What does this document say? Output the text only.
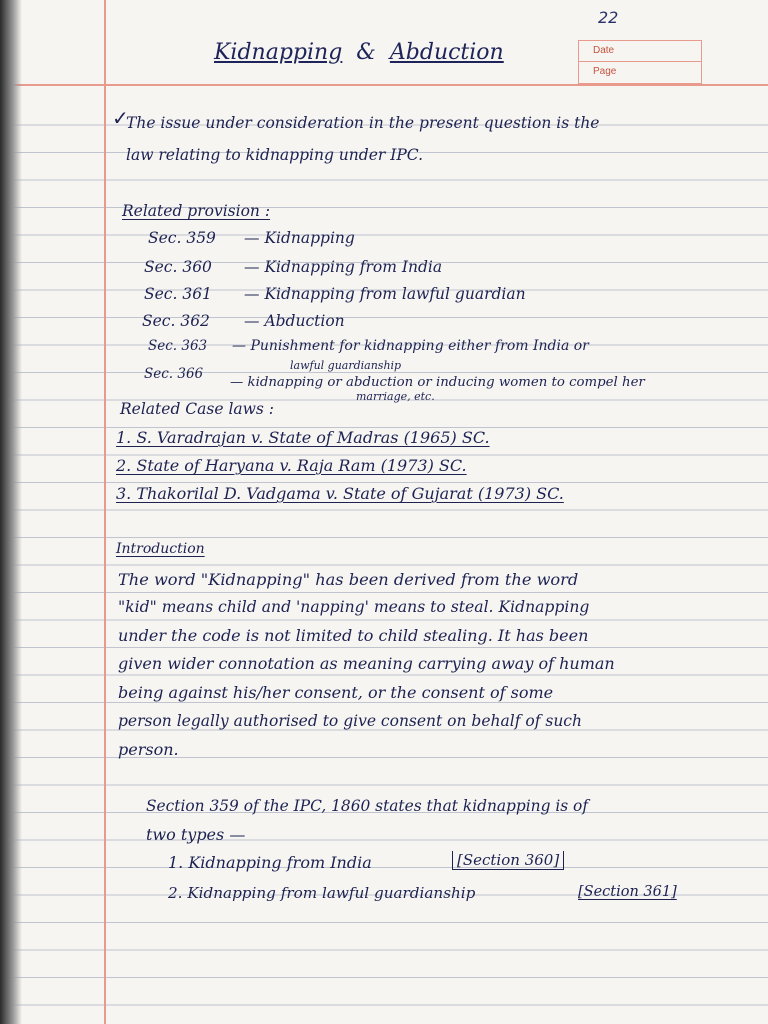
22
Kidnapping & Abduction	Date
Page
✓
The issue under consideration in the present question is the
law relating to kidnapping under IPC.
Related provision :
Sec. 359 — Kidnapping
Sec. 360 — Kidnapping from India
Sec. 361 — Kidnapping from lawful guardian
Sec. 362 — Abduction
Sec. 363 — Punishment for kidnapping either from India or
lawful guardianship
Sec. 366
— kidnapping or abduction or inducing women to compel her
marriage, etc.
Related Case laws :
1. S. Varadrajan v. State of Madras (1965) SC.
2. State of Haryana v. Raja Ram (1973) SC.
3. Thakorilal D. Vadgama v. State of Gujarat (1973) SC.
Introduction
The word "Kidnapping" has been derived from the word
"kid" means child and 'napping' means to steal. Kidnapping
under the code is not limited to child stealing. It has been
given wider connotation as meaning carrying away of human
being against his/her consent, or the consent of some
person legally authorised to give consent on behalf of such
person.
Section 359 of the IPC, 1860 states that kidnapping is of
two types —
1. Kidnapping from India	[Section 360]
2. Kidnapping from lawful guardianship	[Section 361]
